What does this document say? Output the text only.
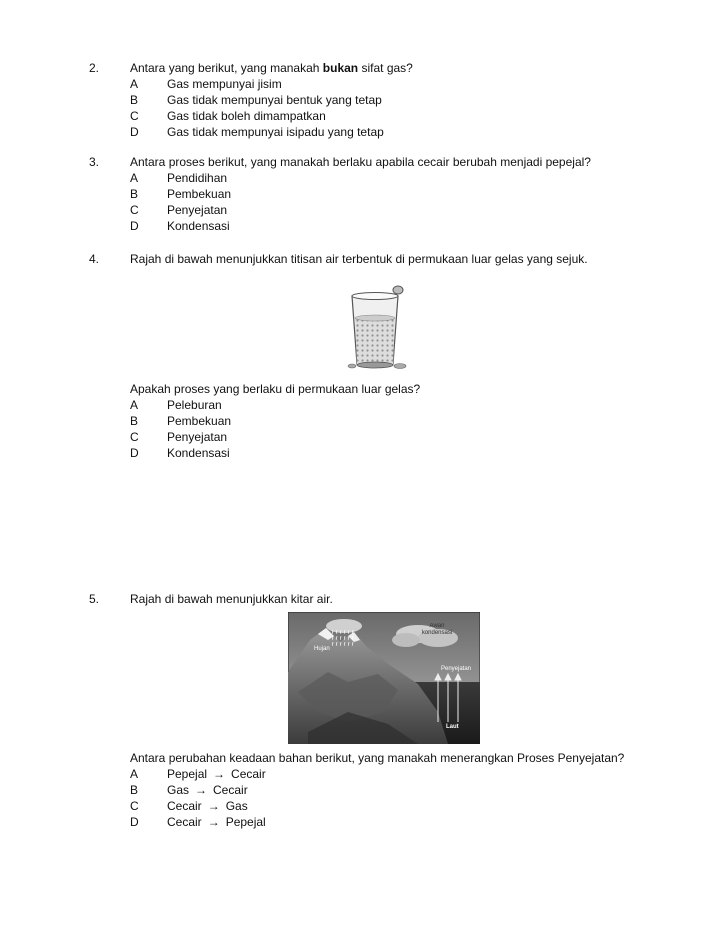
2.	Antara yang berikut, yang manakah bukan sifat gas?
A Gas mempunyai jisim
B Gas tidak mempunyai bentuk yang tetap
C Gas tidak boleh dimampatkan
D Gas tidak mempunyai isipadu yang tetap
3.	Antara proses berikut, yang manakah berlaku apabila cecair berubah menjadi pepejal?
A Pendidihan
B Pembekuan
C Penyejatan
D Kondensasi
4.	Rajah di bawah menunjukkan titisan air terbentuk di permukaan luar gelas yang sejuk.
Apakah proses yang berlaku di permukaan luar gelas?
A Peleburan
B Pembekuan
C Penyejatan
D Kondensasi
5.	Rajah di bawah menunjukkan kitar air.
Hujan
Awan kondensasi
Penyejatan
Laut
Antara perubahan keadaan bahan berikut, yang manakah menerangkan Proses Penyejatan?
A Pepejal → Cecair
B Gas → Cecair
C Cecair → Gas
D Cecair → Pepejal
